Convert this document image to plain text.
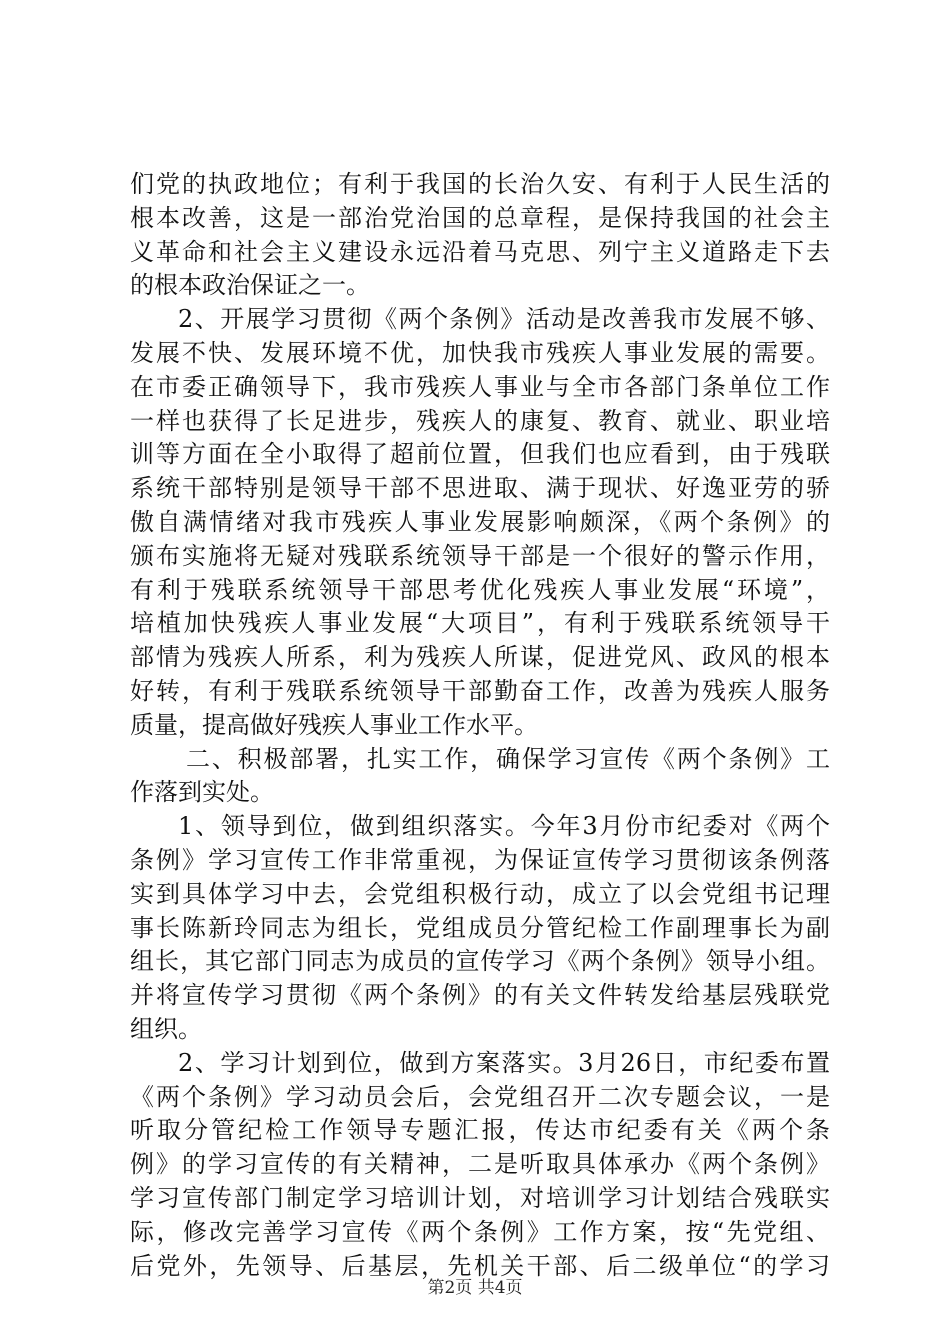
们党的执政地位；有利于我国的长治久安、有利于人民生活的
根本改善，这是一部治党治国的总章程，是保持我国的社会主
义革命和社会主义建设永远沿着马克思、列宁主义道路走下去
的根本政治保证之一。
2、开展学习贯彻《两个条例》活动是改善我市发展不够、
发展不快、发展环境不优，加快我市残疾人事业发展的需要。
在市委正确领导下，我市残疾人事业与全市各部门条单位工作
一样也获得了长足进步，残疾人的康复、教育、就业、职业培
训等方面在全小取得了超前位置，但我们也应看到，由于残联
系统干部特别是领导干部不思进取、满于现状、好逸亚劳的骄
傲自满情绪对我市残疾人事业发展影响颇深，《两个条例》的
颁布实施将无疑对残联系统领导干部是一个很好的警示作用，
有利于残联系统领导干部思考优化残疾人事业发展“环境”，
培植加快残疾人事业发展“大项目”，有利于残联系统领导干
部情为残疾人所系，利为残疾人所谋，促进党风、政风的根本
好转，有利于残联系统领导干部勤奋工作，改善为残疾人服务
质量，提高做好残疾人事业工作水平。
二、积极部署，扎实工作，确保学习宣传《两个条例》工
作落到实处。
1、领导到位，做到组织落实。今年3月份市纪委对《两个
条例》学习宣传工作非常重视，为保证宣传学习贯彻该条例落
实到具体学习中去，会党组积极行动，成立了以会党组书记理
事长陈新玲同志为组长，党组成员分管纪检工作副理事长为副
组长，其它部门同志为成员的宣传学习《两个条例》领导小组。
并将宣传学习贯彻《两个条例》的有关文件转发给基层残联党
组织。
2、学习计划到位，做到方案落实。3月26日，市纪委布置
《两个条例》学习动员会后，会党组召开二次专题会议，一是
听取分管纪检工作领导专题汇报，传达市纪委有关《两个条
例》的学习宣传的有关精神，二是听取具体承办《两个条例》
学习宣传部门制定学习培训计划，对培训学习计划结合残联实
际，修改完善学习宣传《两个条例》工作方案，按“先党组、
后党外，先领导、后基层，先机关干部、后二级单位“的学习
第2页 共4页
